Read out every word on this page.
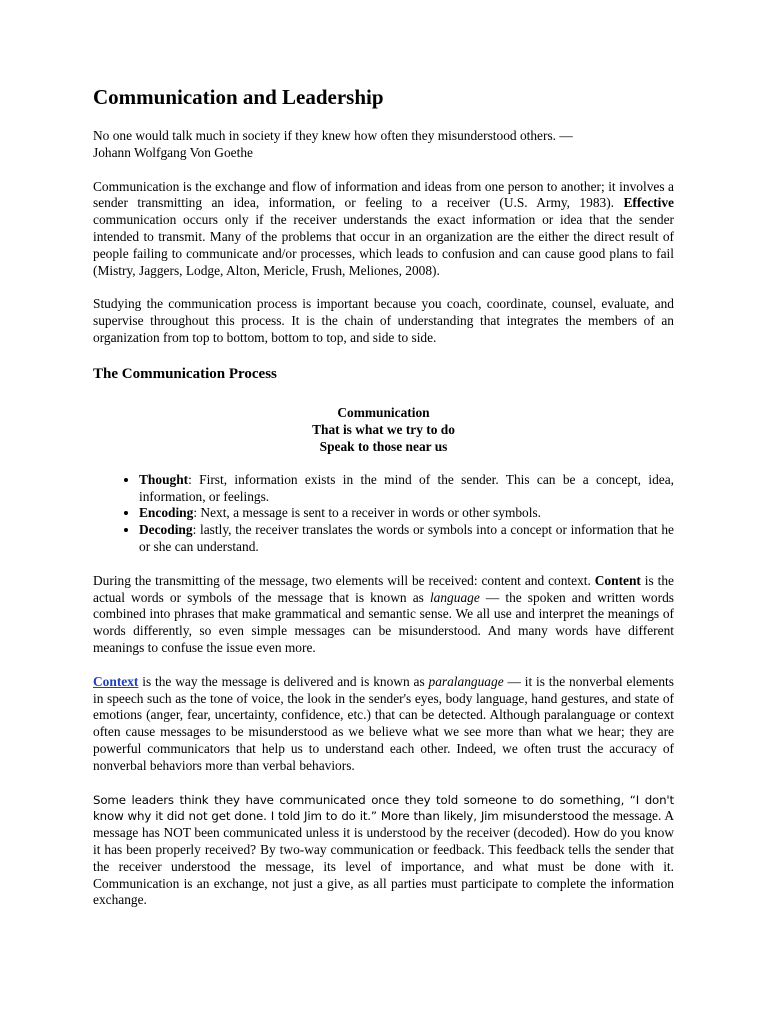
Communication and Leadership

No one would talk much in society if they knew how often they misunderstood others. —
Johann Wolfgang Von Goethe

Communication is the exchange and flow of information and ideas from one person to another; it involves a sender transmitting an idea, information, or feeling to a receiver (U.S. Army, 1983). Effective communication occurs only if the receiver understands the exact information or idea that the sender intended to transmit. Many of the problems that occur in an organization are the either the direct result of people failing to communicate and/or processes, which leads to confusion and can cause good plans to fail (Mistry, Jaggers, Lodge, Alton, Mericle, Frush, Meliones, 2008).

Studying the communication process is important because you coach, coordinate, counsel, evaluate, and supervise throughout this process. It is the chain of understanding that integrates the members of an organization from top to bottom, bottom to top, and side to side.

The Communication Process
Communication
That is what we try to do
Speak to those near us
• Thought: First, information exists in the mind of the sender. This can be a concept, idea, information, or feelings.
• Encoding: Next, a message is sent to a receiver in words or other symbols.
• Decoding: lastly, the receiver translates the words or symbols into a concept or information that he or she can understand.

During the transmitting of the message, two elements will be received: content and context. Content is the actual words or symbols of the message that is known as language — the spoken and written words combined into phrases that make grammatical and semantic sense. We all use and interpret the meanings of words differently, so even simple messages can be misunderstood. And many words have different meanings to confuse the issue even more.

Context is the way the message is delivered and is known as paralanguage — it is the nonverbal elements in speech such as the tone of voice, the look in the sender's eyes, body language, hand gestures, and state of emotions (anger, fear, uncertainty, confidence, etc.) that can be detected. Although paralanguage or context often cause messages to be misunderstood as we believe what we see more than what we hear; they are powerful communicators that help us to understand each other. Indeed, we often trust the accuracy of nonverbal behaviors more than verbal behaviors.

Some leaders think they have communicated once they told someone to do something, “I don't know why it did not get done. I told Jim to do it.” More than likely, Jim misunderstood the message. A message has NOT been communicated unless it is understood by the receiver (decoded). How do you know it has been properly received? By two-way communication or feedback. This feedback tells the sender that the receiver understood the message, its level of importance, and what must be done with it. Communication is an exchange, not just a give, as all parties must participate to complete the information exchange.
